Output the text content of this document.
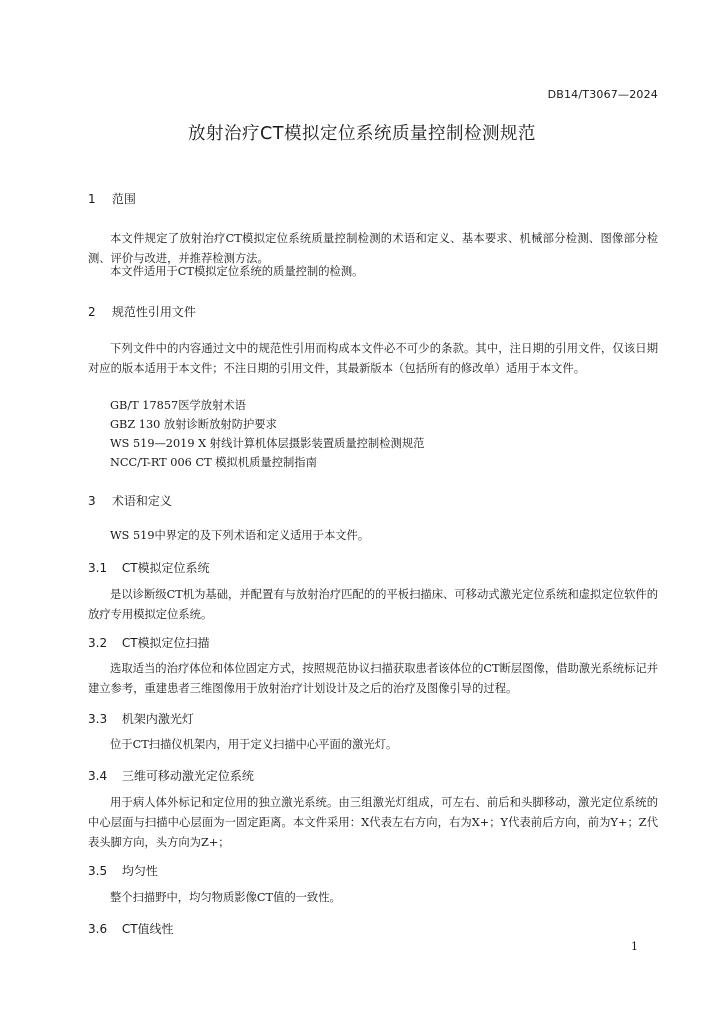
DB14/T3067—2024
放射治疗CT模拟定位系统质量控制检测规范
1 范围
本文件规定了放射治疗CT模拟定位系统质量控制检测的术语和定义、基本要求、机械部分检测、图像部分检测、评价与改进，并推荐检测方法。
本文件适用于CT模拟定位系统的质量控制的检测。
2 规范性引用文件
下列文件中的内容通过文中的规范性引用而构成本文件必不可少的条款。其中，注日期的引用文件，仅该日期对应的版本适用于本文件；不注日期的引用文件，其最新版本（包括所有的修改单）适用于本文件。
GB/T 17857医学放射术语
GBZ 130 放射诊断放射防护要求
WS 519—2019 X 射线计算机体层摄影装置质量控制检测规范
NCC/T-RT 006 CT 模拟机质量控制指南
3 术语和定义
WS 519中界定的及下列术语和定义适用于本文件。
3.1 CT模拟定位系统
是以诊断级CT机为基础，并配置有与放射治疗匹配的的平板扫描床、可移动式激光定位系统和虚拟定位软件的放疗专用模拟定位系统。
3.2 CT模拟定位扫描
选取适当的治疗体位和体位固定方式，按照规范协议扫描获取患者该体位的CT断层图像，借助激光系统标记并建立参考，重建患者三维图像用于放射治疗计划设计及之后的治疗及图像引导的过程。
3.3 机架内激光灯
位于CT扫描仪机架内，用于定义扫描中心平面的激光灯。
3.4 三维可移动激光定位系统
用于病人体外标记和定位用的独立激光系统。由三组激光灯组成，可左右、前后和头脚移动，激光定位系统的中心层面与扫描中心层面为一固定距离。本文件采用：X代表左右方向，右为X+；Y代表前后方向，前为Y+；Z代表头脚方向，头方向为Z+；
3.5 均匀性
整个扫描野中，均匀物质影像CT值的一致性。
3.6 CT值线性
1
